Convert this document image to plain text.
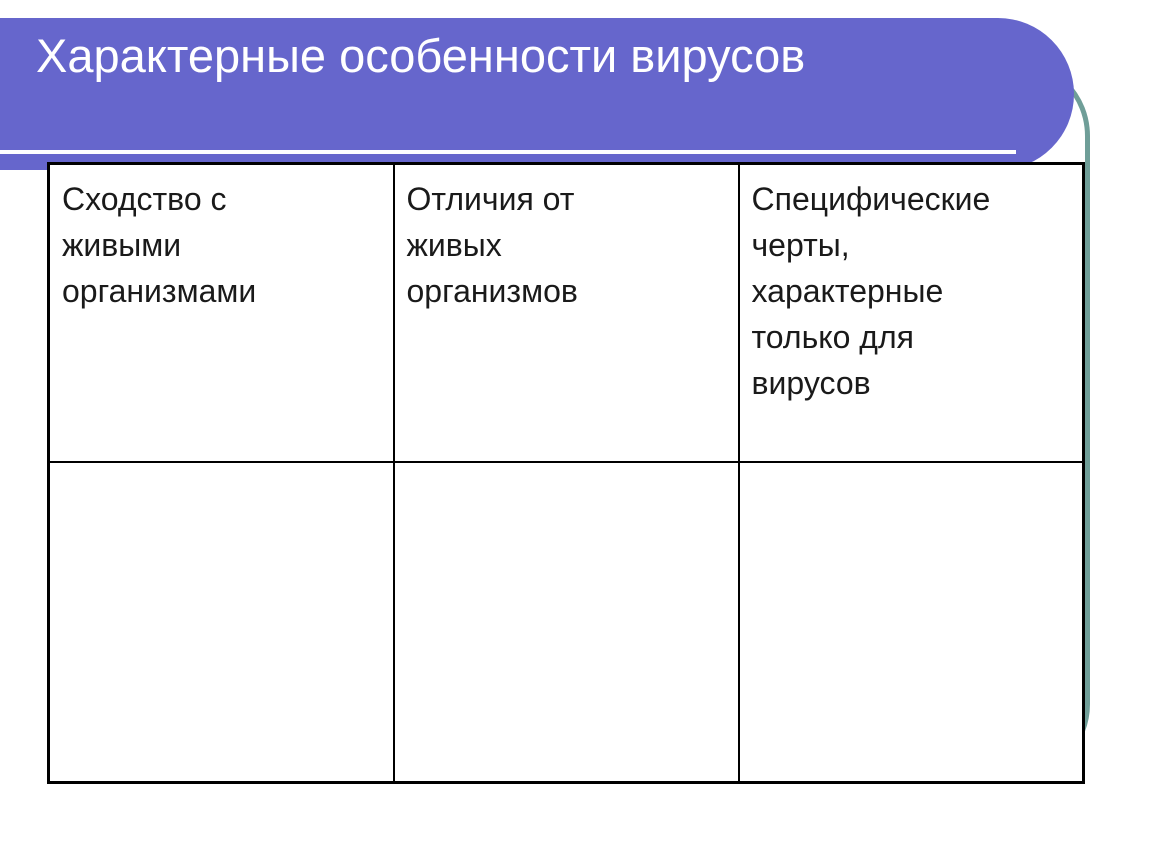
Характерные особенности вирусов
Сходство с
живыми
организмами	Отличия от
живых
организмов	Специфические
черты,
характерные
только для
вирусов
